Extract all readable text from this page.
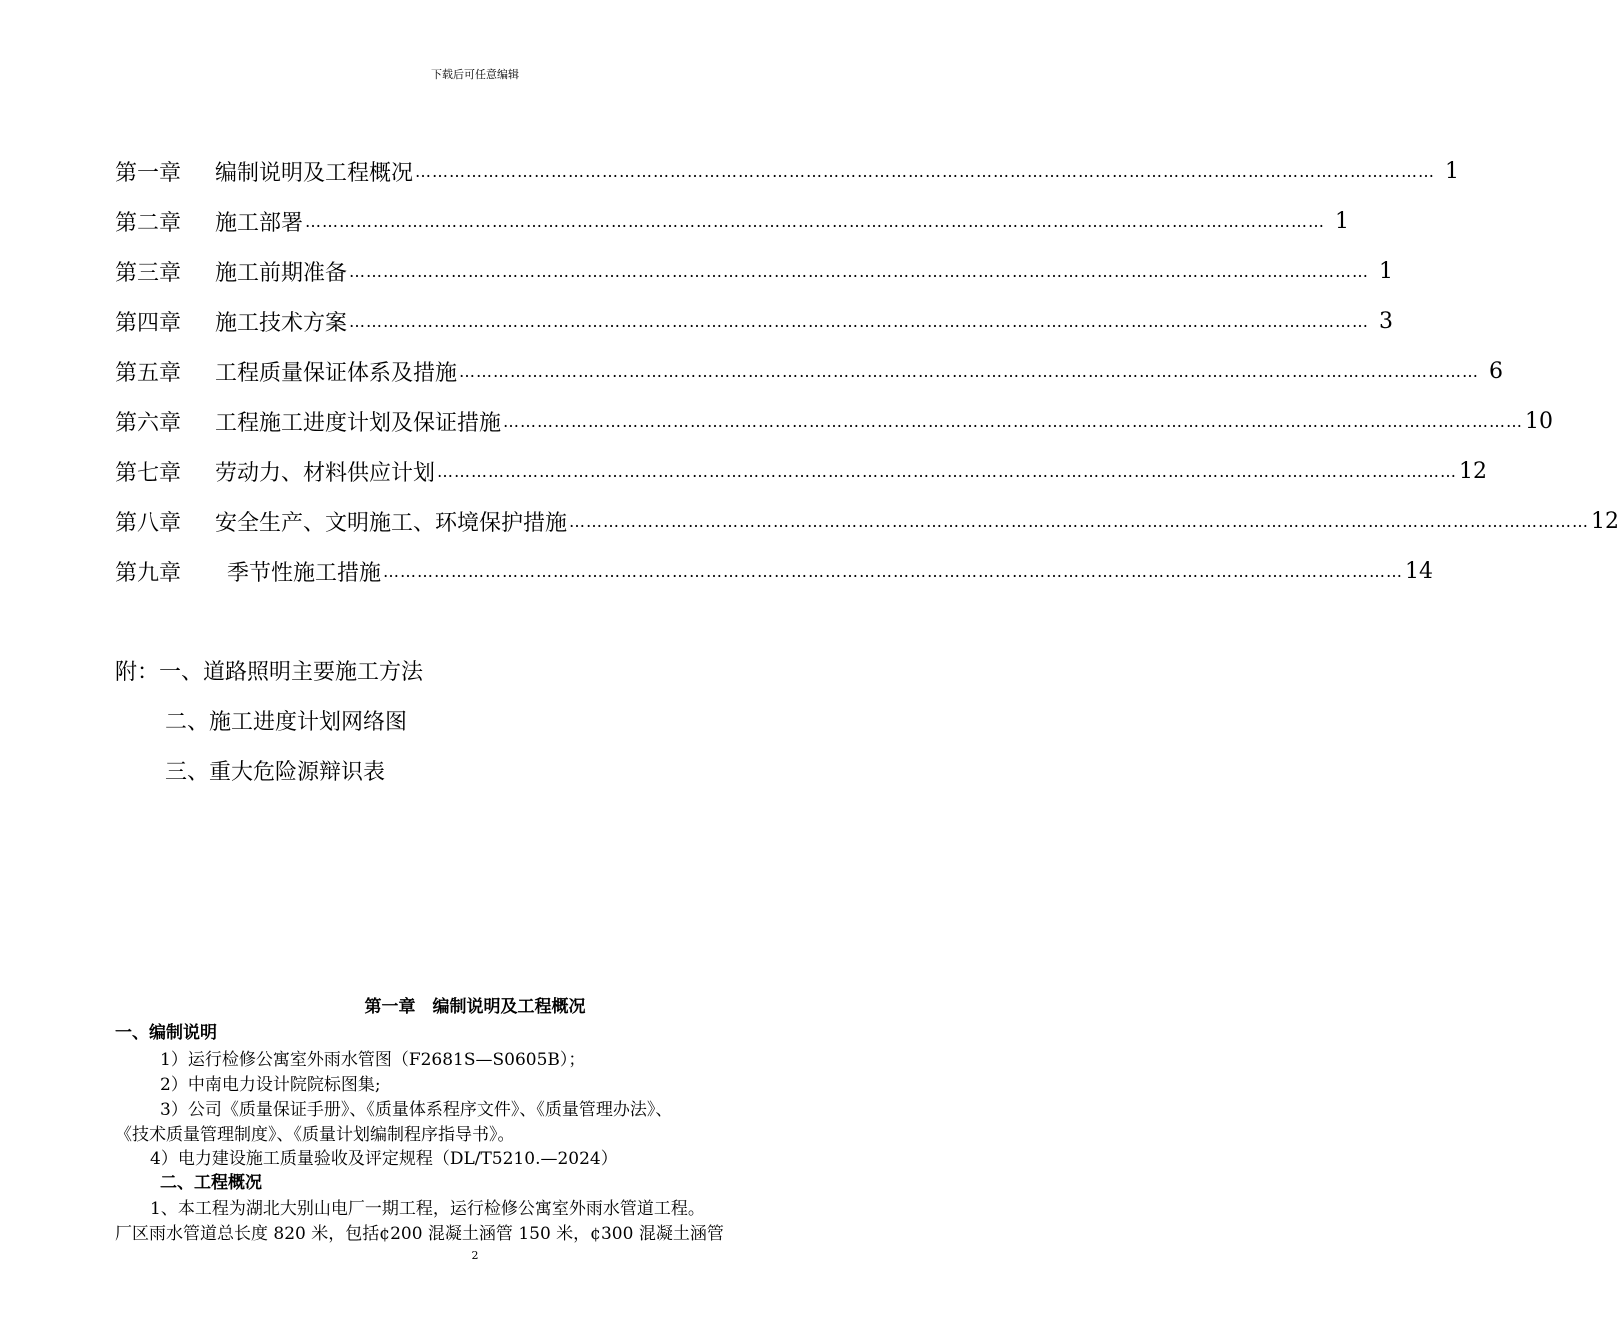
下载后可任意编辑
第一章	编制说明及工程概况 ……………………………………………………………………………………………………………………………………………………………… 1
第二章	施工部署 ……………………………………………………………………………………………………………………………………………………………… 1
第三章	施工前期准备 ……………………………………………………………………………………………………………………………………………………………… 1
第四章	施工技术方案 ……………………………………………………………………………………………………………………………………………………………… 3
第五章	工程质量保证体系及措施 ……………………………………………………………………………………………………………………………………………………………… 6
第六章	工程施工进度计划及保证措施 ……………………………………………………………………………………………………………………………………………………………… 10
第七章	劳动力、材料供应计划 ……………………………………………………………………………………………………………………………………………………………… 12
第八章	安全生产、文明施工、环境保护措施 ……………………………………………………………………………………………………………………………………………………………… 12
第九章	季节性施工措施 ……………………………………………………………………………………………………………………………………………………………… 14
附：一、道路照明主要施工方法
二、施工进度计划网络图
三、重大危险源辩识表
第一章　编制说明及工程概况
一、编制说明
1）运行检修公寓室外雨水管图（F2681S—S0605B）；
2）中南电力设计院院标图集;
3）公司《质量保证手册》、《质量体系程序文件》、《质量管理办法》、
《技术质量管理制度》、《质量计划编制程序指导书》。
4）电力建设施工质量验收及评定规程（DL/T5210.—2024）
二、工程概况
1、本工程为湖北大别山电厂一期工程，运行检修公寓室外雨水管道工程。
厂区雨水管道总长度 820 米，包括¢200 混凝土涵管 150 米，¢300 混凝土涵管
2
